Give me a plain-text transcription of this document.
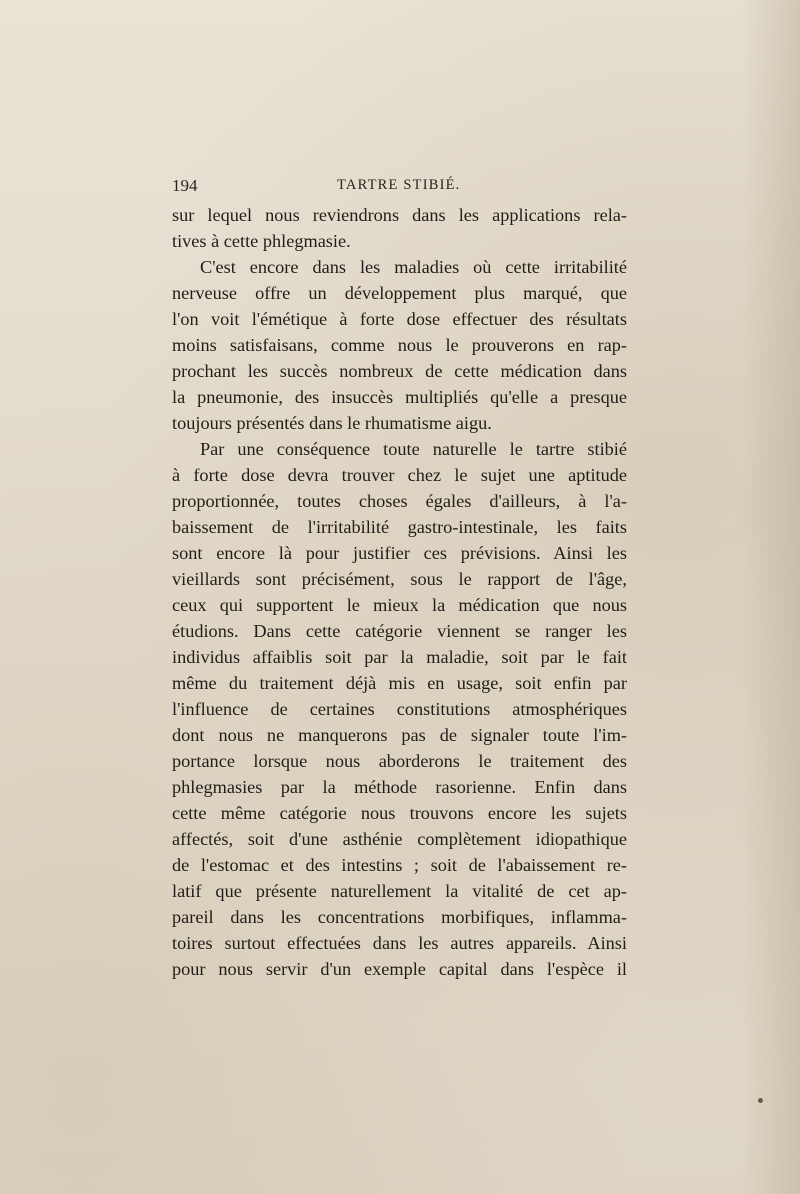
194	TARTRE STIBIÉ.
sur lequel nous reviendrons dans les applications rela-
tives à cette phlegmasie.
C'est encore dans les maladies où cette irritabilité
nerveuse offre un développement plus marqué, que
l'on voit l'émétique à forte dose effectuer des résultats
moins satisfaisans, comme nous le prouverons en rap-
prochant les succès nombreux de cette médication dans
la pneumonie, des insuccès multipliés qu'elle a presque
toujours présentés dans le rhumatisme aigu.
Par une conséquence toute naturelle le tartre stibié
à forte dose devra trouver chez le sujet une aptitude
proportionnée, toutes choses égales d'ailleurs, à l'a-
baissement de l'irritabilité gastro-intestinale, les faits
sont encore là pour justifier ces prévisions. Ainsi les
vieillards sont précisément, sous le rapport de l'âge,
ceux qui supportent le mieux la médication que nous
étudions. Dans cette catégorie viennent se ranger les
individus affaiblis soit par la maladie, soit par le fait
même du traitement déjà mis en usage, soit enfin par
l'influence de certaines constitutions atmosphériques
dont nous ne manquerons pas de signaler toute l'im-
portance lorsque nous aborderons le traitement des
phlegmasies par la méthode rasorienne. Enfin dans
cette même catégorie nous trouvons encore les sujets
affectés, soit d'une asthénie complètement idiopathique
de l'estomac et des intestins ; soit de l'abaissement re-
latif que présente naturellement la vitalité de cet ap-
pareil dans les concentrations morbifiques, inflamma-
toires surtout effectuées dans les autres appareils. Ainsi
pour nous servir d'un exemple capital dans l'espèce il
